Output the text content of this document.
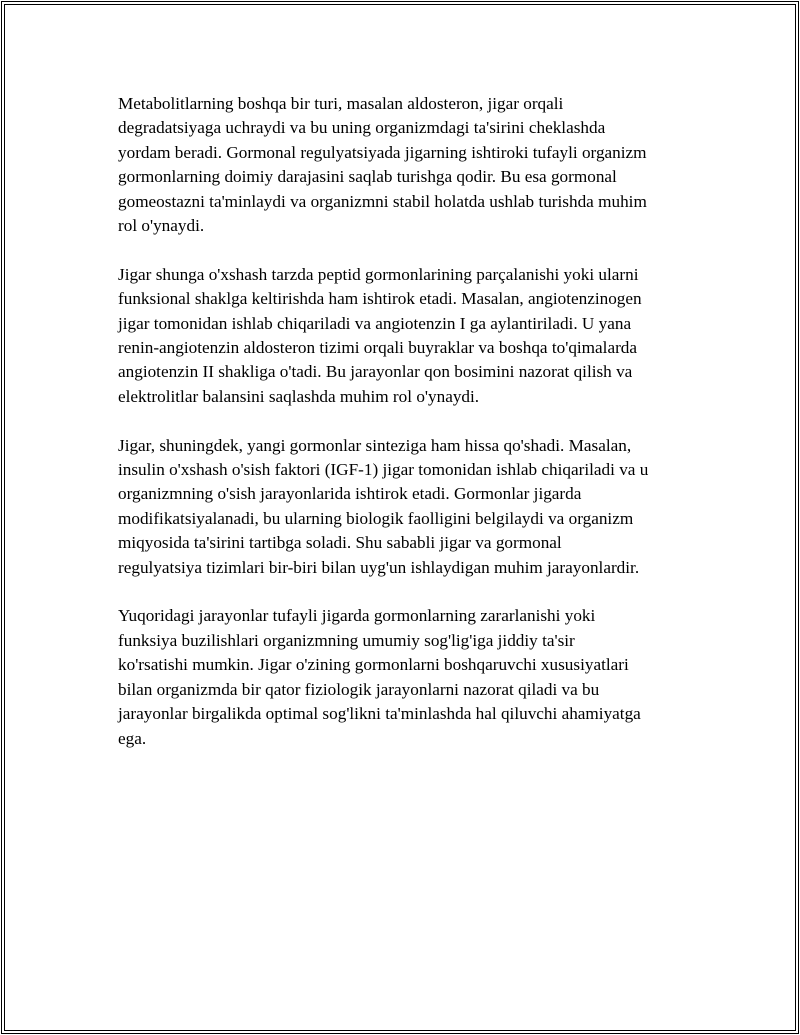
Metabolitlarning boshqa bir turi, masalan aldosteron, jigar orqali
degradatsiyaga uchraydi va bu uning organizmdagi ta'sirini cheklashda
yordam beradi. Gormonal regulyatsiyada jigarning ishtiroki tufayli organizm
gormonlarning doimiy darajasini saqlab turishga qodir. Bu esa gormonal
gomeostazni ta'minlaydi va organizmni stabil holatda ushlab turishda muhim
rol o'ynaydi.

Jigar shunga o'xshash tarzda peptid gormonlarining parçalanishi yoki ularni
funksional shaklga keltirishda ham ishtirok etadi. Masalan, angiotenzinogen
jigar tomonidan ishlab chiqariladi va angiotenzin I ga aylantiriladi. U yana
renin-angiotenzin aldosteron tizimi orqali buyraklar va boshqa to'qimalarda
angiotenzin II shakliga o'tadi. Bu jarayonlar qon bosimini nazorat qilish va
elektrolitlar balansini saqlashda muhim rol o'ynaydi.

Jigar, shuningdek, yangi gormonlar sinteziga ham hissa qo'shadi. Masalan,
insulin o'xshash o'sish faktori (IGF-1) jigar tomonidan ishlab chiqariladi va u
organizmning o'sish jarayonlarida ishtirok etadi. Gormonlar jigarda
modifikatsiyalanadi, bu ularning biologik faolligini belgilaydi va organizm
miqyosida ta'sirini tartibga soladi. Shu sababli jigar va gormonal
regulyatsiya tizimlari bir-biri bilan uyg'un ishlaydigan muhim jarayonlardir.

Yuqoridagi jarayonlar tufayli jigarda gormonlarning zararlanishi yoki
funksiya buzilishlari organizmning umumiy sog'lig'iga jiddiy ta'sir
ko'rsatishi mumkin. Jigar o'zining gormonlarni boshqaruvchi xususiyatlari
bilan organizmda bir qator fiziologik jarayonlarni nazorat qiladi va bu
jarayonlar birgalikda optimal sog'likni ta'minlashda hal qiluvchi ahamiyatga
ega.
